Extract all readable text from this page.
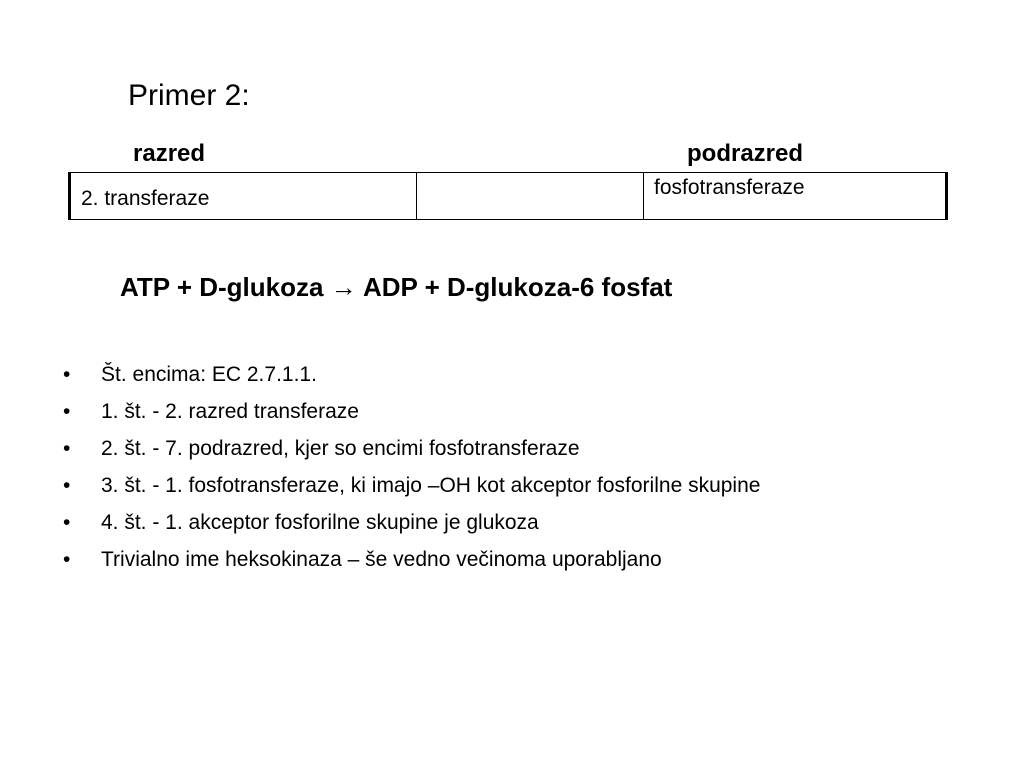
Primer 2:
razred	podrazred
2. transferaze		fosfotransferaze
ATP + D-glukoza → ADP + D-glukoza-6 fosfat
• Št. encima: EC 2.7.1.1.
• 1. št. - 2. razred transferaze
• 2. št. - 7. podrazred, kjer so encimi fosfotransferaze
• 3. št. - 1. fosfotransferaze, ki imajo –OH kot akceptor fosforilne skupine
• 4. št. - 1. akceptor fosforilne skupine je glukoza
• Trivialno ime heksokinaza – še vedno večinoma uporabljano
